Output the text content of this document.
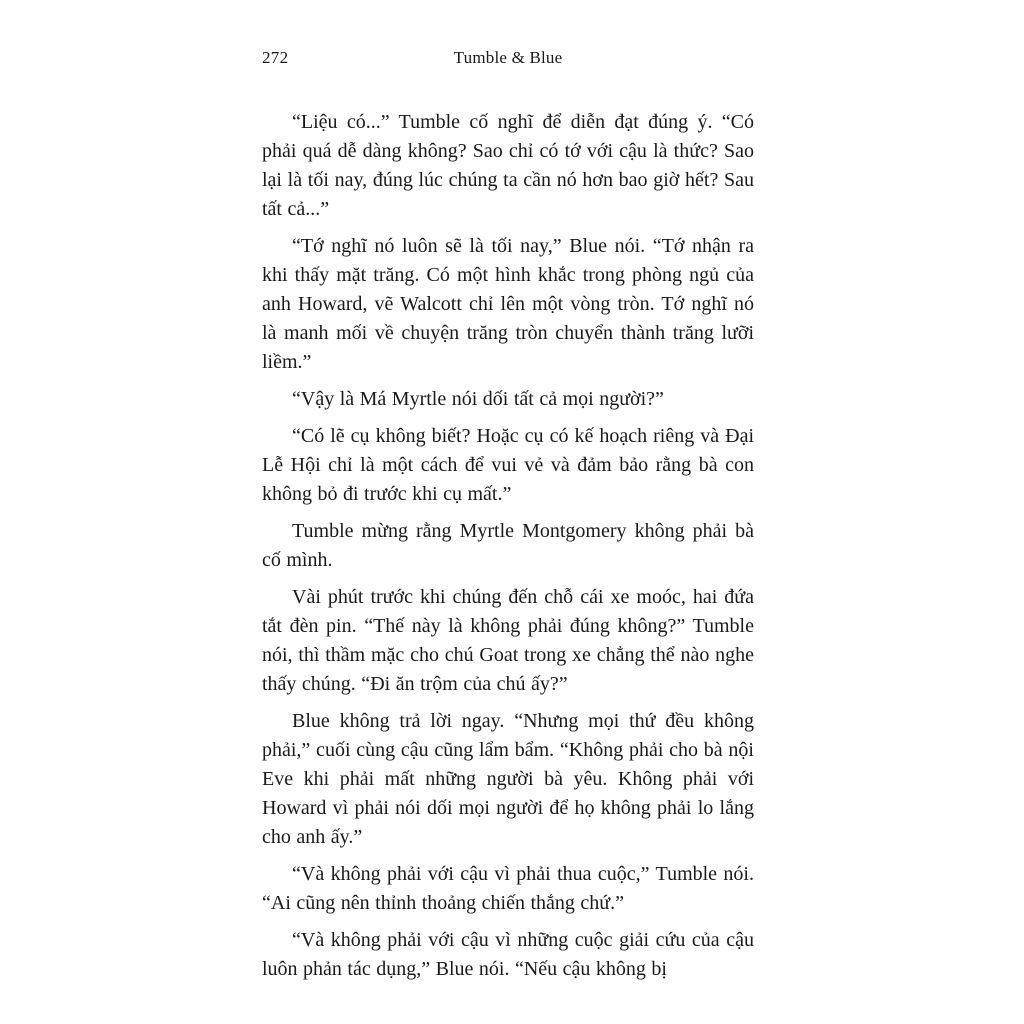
272	Tumble & Blue

“Liệu có...” Tumble cố nghĩ để diễn đạt đúng ý. “Có phải quá dễ dàng không? Sao chỉ có tớ với cậu là thức? Sao lại là tối nay, đúng lúc chúng ta cần nó hơn bao giờ hết? Sau tất cả...”

“Tớ nghĩ nó luôn sẽ là tối nay,” Blue nói. “Tớ nhận ra khi thấy mặt trăng. Có một hình khắc trong phòng ngủ của anh Howard, vẽ Walcott chỉ lên một vòng tròn. Tớ nghĩ nó là manh mối về chuyện trăng tròn chuyển thành trăng lưỡi liềm.”

“Vậy là Má Myrtle nói dối tất cả mọi người?”

“Có lẽ cụ không biết? Hoặc cụ có kế hoạch riêng và Đại Lễ Hội chỉ là một cách để vui vẻ và đảm bảo rằng bà con không bỏ đi trước khi cụ mất.”

Tumble mừng rằng Myrtle Montgomery không phải bà cố mình.

Vài phút trước khi chúng đến chỗ cái xe moóc, hai đứa tắt đèn pin. “Thế này là không phải đúng không?” Tumble nói, thì thầm mặc cho chú Goat trong xe chẳng thể nào nghe thấy chúng. “Đi ăn trộm của chú ấy?”

Blue không trả lời ngay. “Nhưng mọi thứ đều không phải,” cuối cùng cậu cũng lẩm bẩm. “Không phải cho bà nội Eve khi phải mất những người bà yêu. Không phải với Howard vì phải nói dối mọi người để họ không phải lo lắng cho anh ấy.”

“Và không phải với cậu vì phải thua cuộc,” Tumble nói. “Ai cũng nên thỉnh thoảng chiến thắng chứ.”

“Và không phải với cậu vì những cuộc giải cứu của cậu luôn phản tác dụng,” Blue nói. “Nếu cậu không bị
